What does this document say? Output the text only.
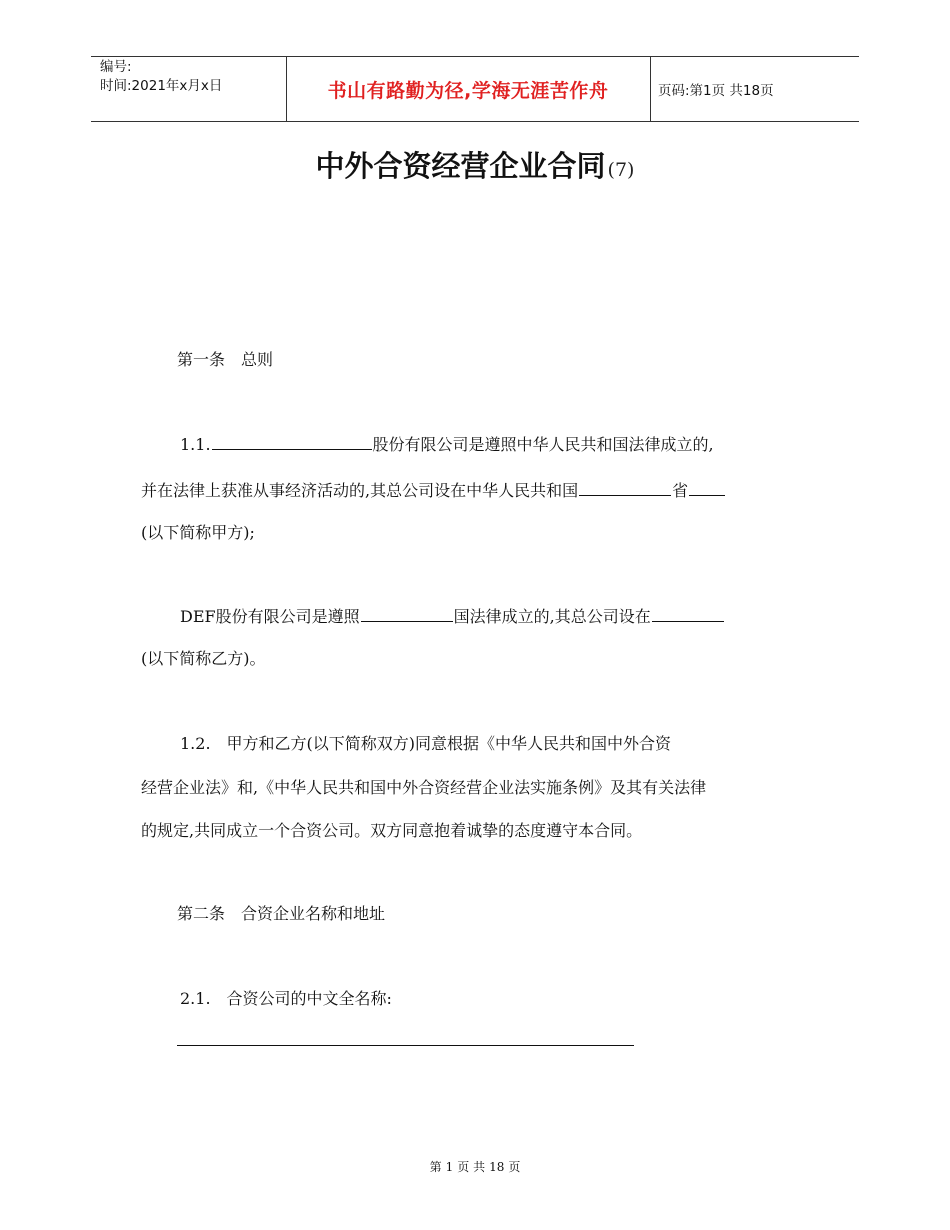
编号:
时间:2021年x月x日	书山有路勤为径,学海无涯苦作舟	页码:第1页 共18页
中外合资经营企业合同 (7)
第一条　总则
1.1.	股份有限公司是遵照中华人民共和国法律成立的,
并在法律上获准从事经济活动的,其总公司设在中华人民共和国	省
(以下简称甲方);
DEF股份有限公司是遵照	国法律成立的,其总公司设在
(以下简称乙方)。
1.2.　甲方和乙方(以下简称双方)同意根据《中华人民共和国中外合资
经营企业法》和,《中华人民共和国中外合资经营企业法实施条例》及其有关法律
的规定,共同成立一个合资公司。双方同意抱着诚挚的态度遵守本合同。
第二条　合资企业名称和地址
2.1.　合资公司的中文全名称:
第 1 页 共 18 页
